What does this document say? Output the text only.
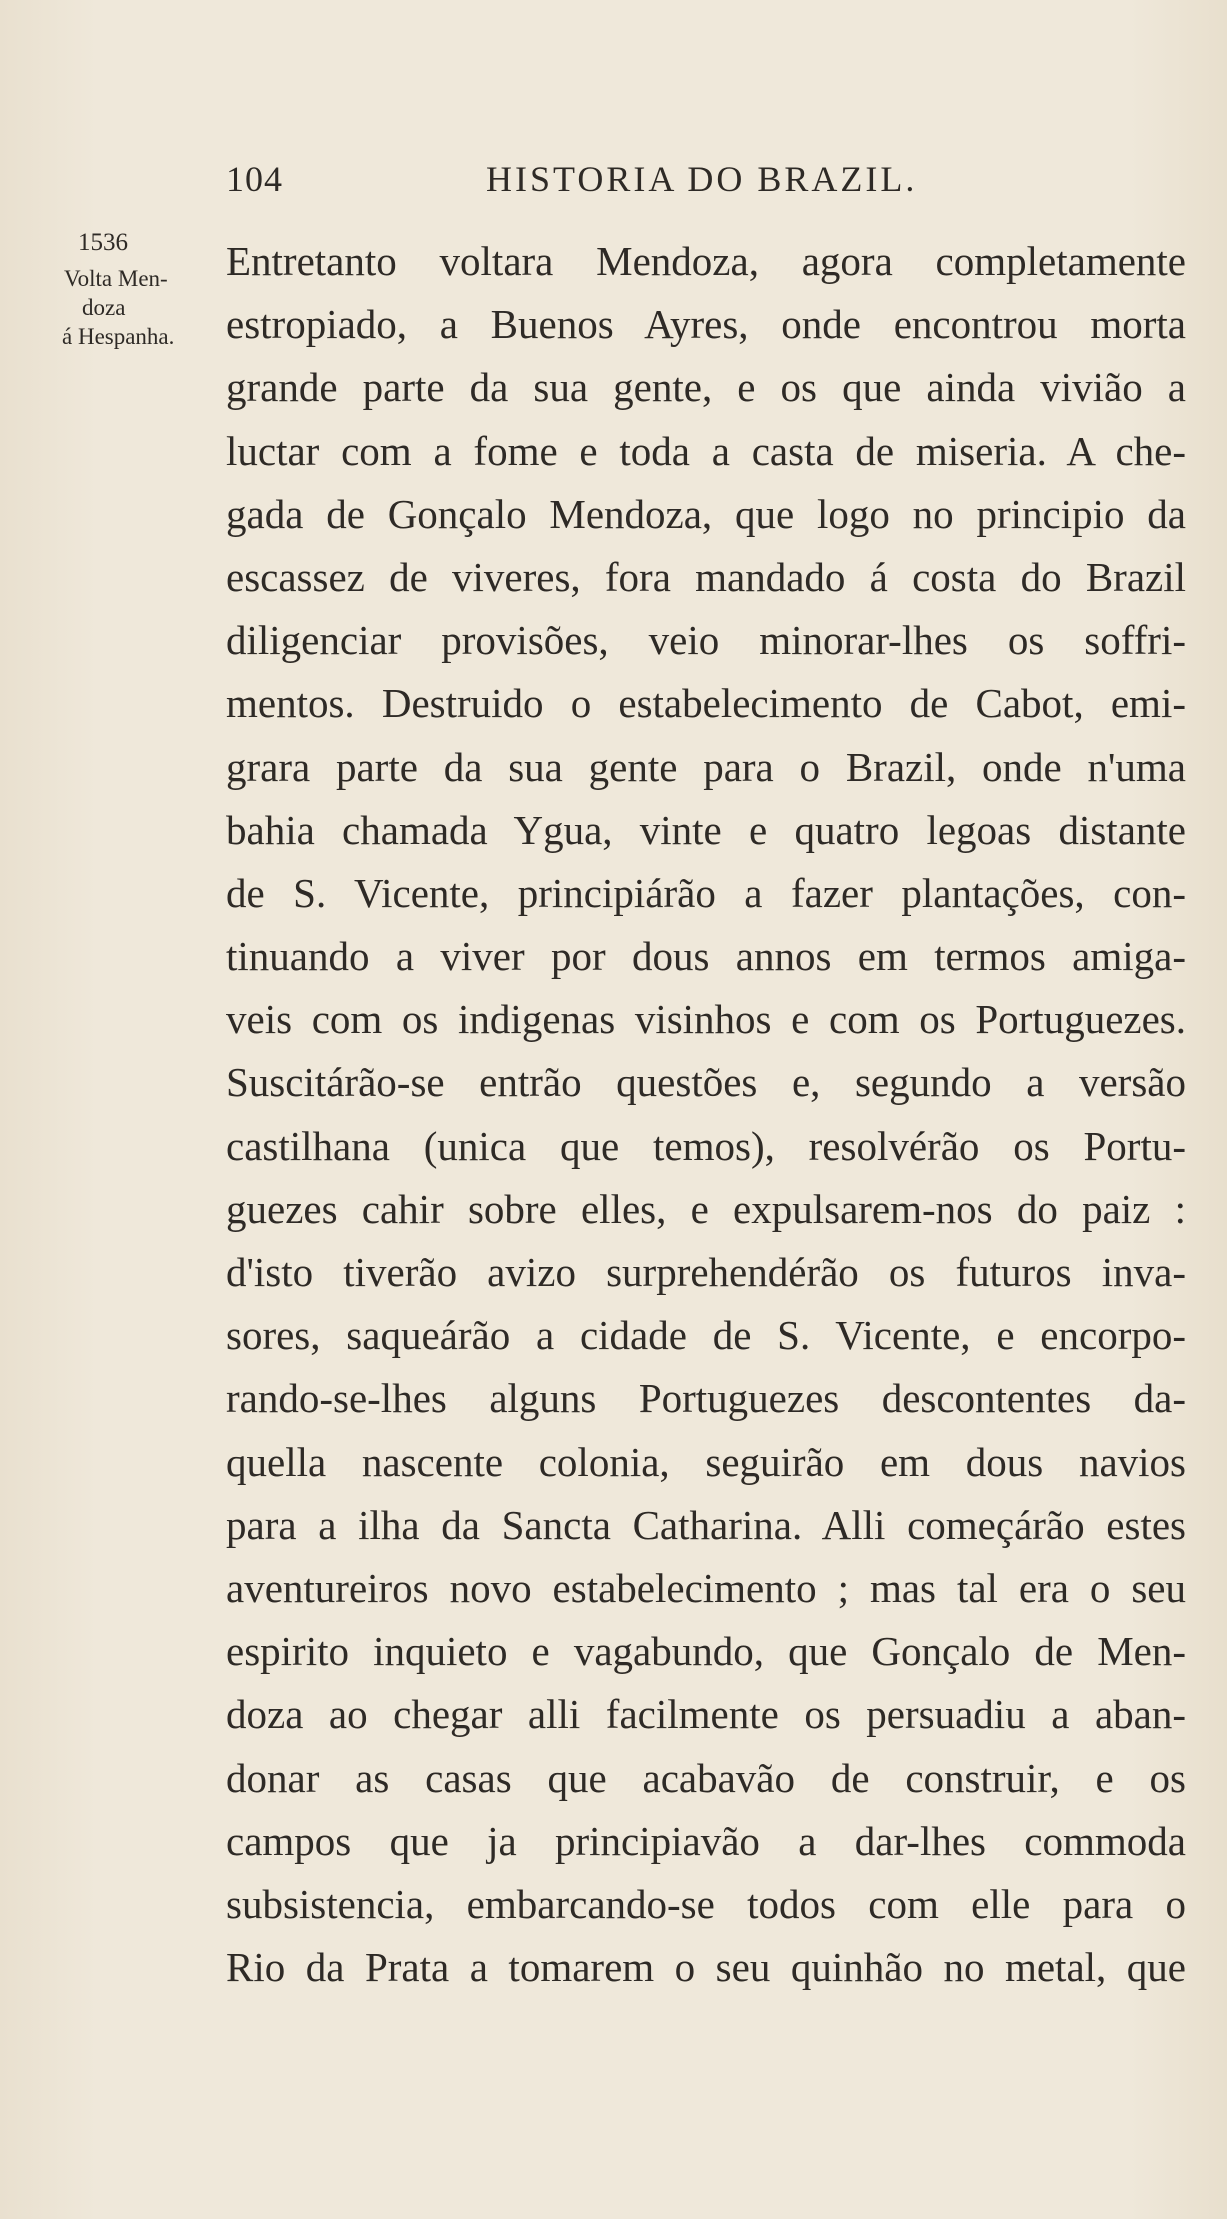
104	HISTORIA DO BRAZIL.
1536
Volta Men-
doza
á Hespanha.
Entretanto voltara Mendoza, agora completamente
estropiado, a Buenos Ayres, onde encontrou morta
grande parte da sua gente, e os que ainda vivião a
luctar com a fome e toda a casta de miseria. A che-
gada de Gonçalo Mendoza, que logo no principio da
escassez de viveres, fora mandado á costa do Brazil
diligenciar provisões, veio minorar-lhes os soffri-
mentos. Destruido o estabelecimento de Cabot, emi-
grara parte da sua gente para o Brazil, onde n'uma
bahia chamada Ygua, vinte e quatro legoas distante
de S. Vicente, principiárão a fazer plantações, con-
tinuando a viver por dous annos em termos amiga-
veis com os indigenas visinhos e com os Portuguezes.
Suscitárão-se entrão questões e, segundo a versão
castilhana (unica que temos), resolvérão os Portu-
guezes cahir sobre elles, e expulsarem-nos do paiz :
d'isto tiverão avizo surprehendérão os futuros inva-
sores, saqueárão a cidade de S. Vicente, e encorpo-
rando-se-lhes alguns Portuguezes descontentes da-
quella nascente colonia, seguirão em dous navios
para a ilha da Sancta Catharina. Alli começárão estes
aventureiros novo estabelecimento ; mas tal era o seu
espirito inquieto e vagabundo, que Gonçalo de Men-
doza ao chegar alli facilmente os persuadiu a aban-
donar as casas que acabavão de construir, e os
campos que ja principiavão a dar-lhes commoda
subsistencia, embarcando-se todos com elle para o
Rio da Prata a tomarem o seu quinhão no metal, que
